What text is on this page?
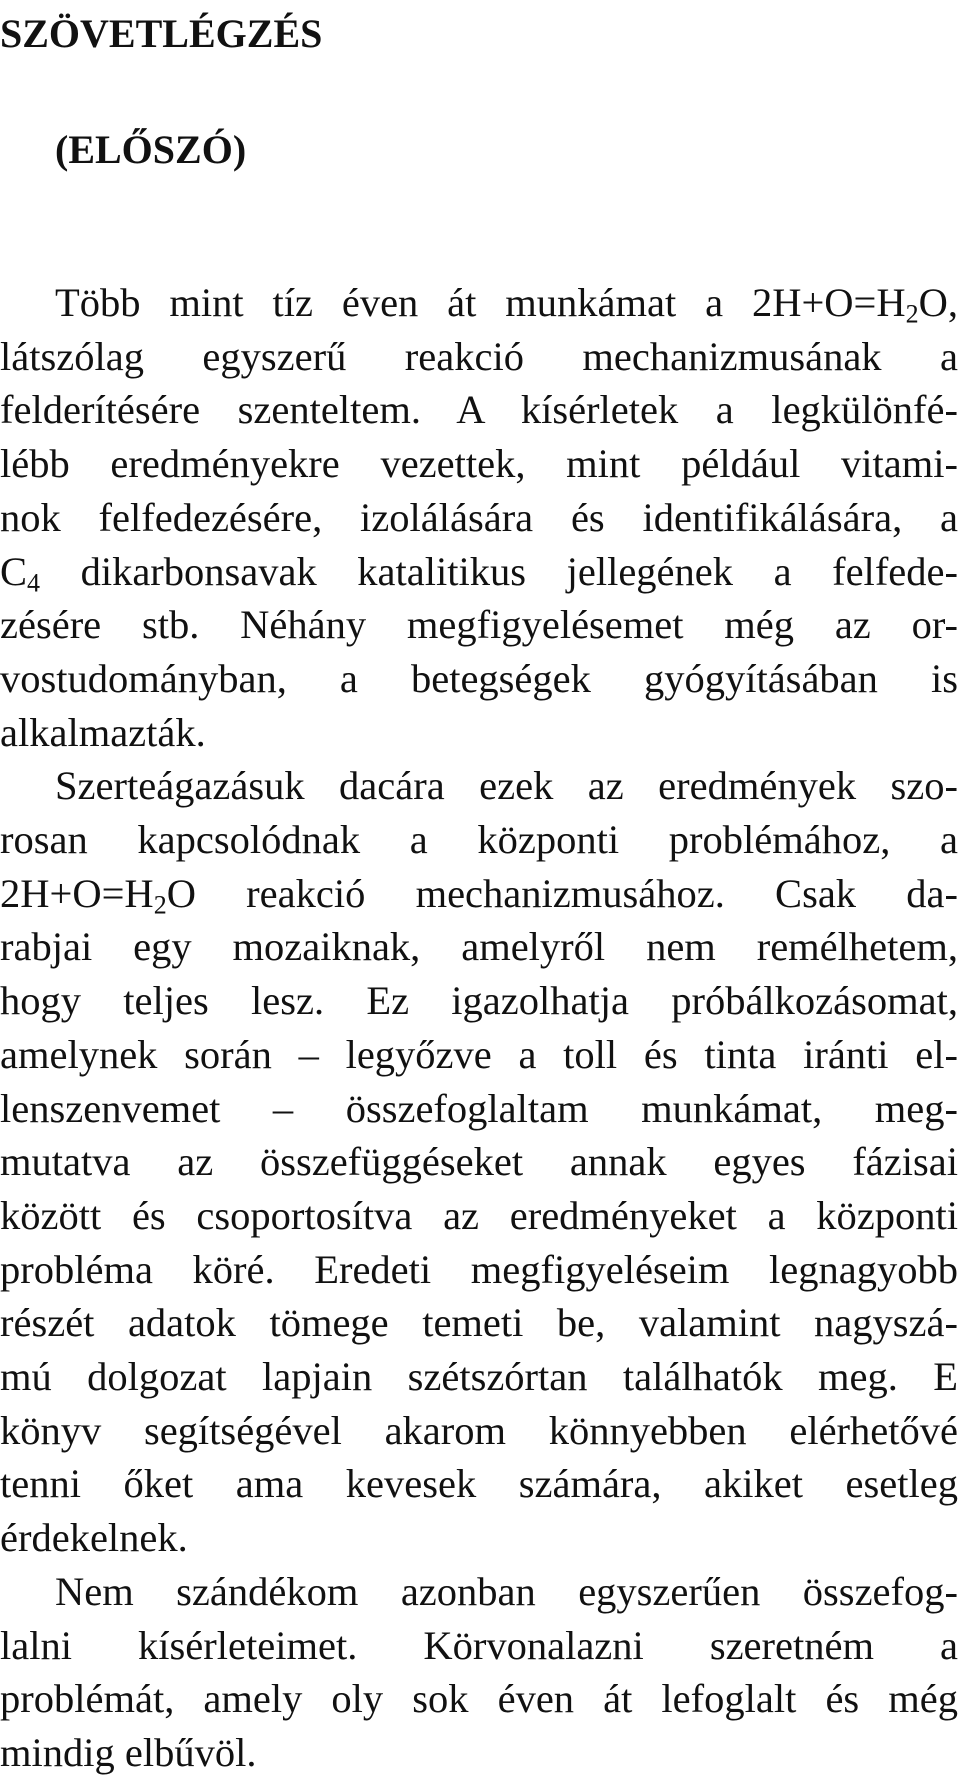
SZÖVETLÉGZÉS
(ELŐSZÓ)

Több mint tíz éven át munkámat a $2H+O=H_2O$,
látszólag egyszerű reakció mechanizmusának a
felderítésére szenteltem. A kísérletek a legkülönfé-
lébb eredményekre vezettek, mint például vitami-
nok felfedezésére, izolálására és identifikálására, a
$C_4$ dikarbonsavak katalitikus jellegének a felfede-
zésére stb. Néhány megfigyelésemet még az or-
vostudományban, a betegségek gyógyításában is
alkalmazták.

Szerteágazásuk dacára ezek az eredmények szo-
rosan kapcsolódnak a központi problémához, a
$2H+O=H_2O$ reakció mechanizmusához. Csak da-
rabjai egy mozaiknak, amelyről nem remélhetem,
hogy teljes lesz. Ez igazolhatja próbálkozásomat,
amelynek során – legyőzve a toll és tinta iránti el-
lenszenvemet – összefoglaltam munkámat, meg-
mutatva az összefüggéseket annak egyes fázisai
között és csoportosítva az eredményeket a központi
probléma köré. Eredeti megfigyeléseim legnagyobb
részét adatok tömege temeti be, valamint nagyszá-
mú dolgozat lapjain szétszórtan találhatók meg. E
könyv segítségével akarom könnyebben elérhetővé
tenni őket ama kevesek számára, akiket esetleg
érdekelnek.

Nem szándékom azonban egyszerűen összefog-
lalni kísérleteimet. Körvonalazni szeretném a
problémát, amely oly sok éven át lefoglalt és még
mindig elbűvöl.
